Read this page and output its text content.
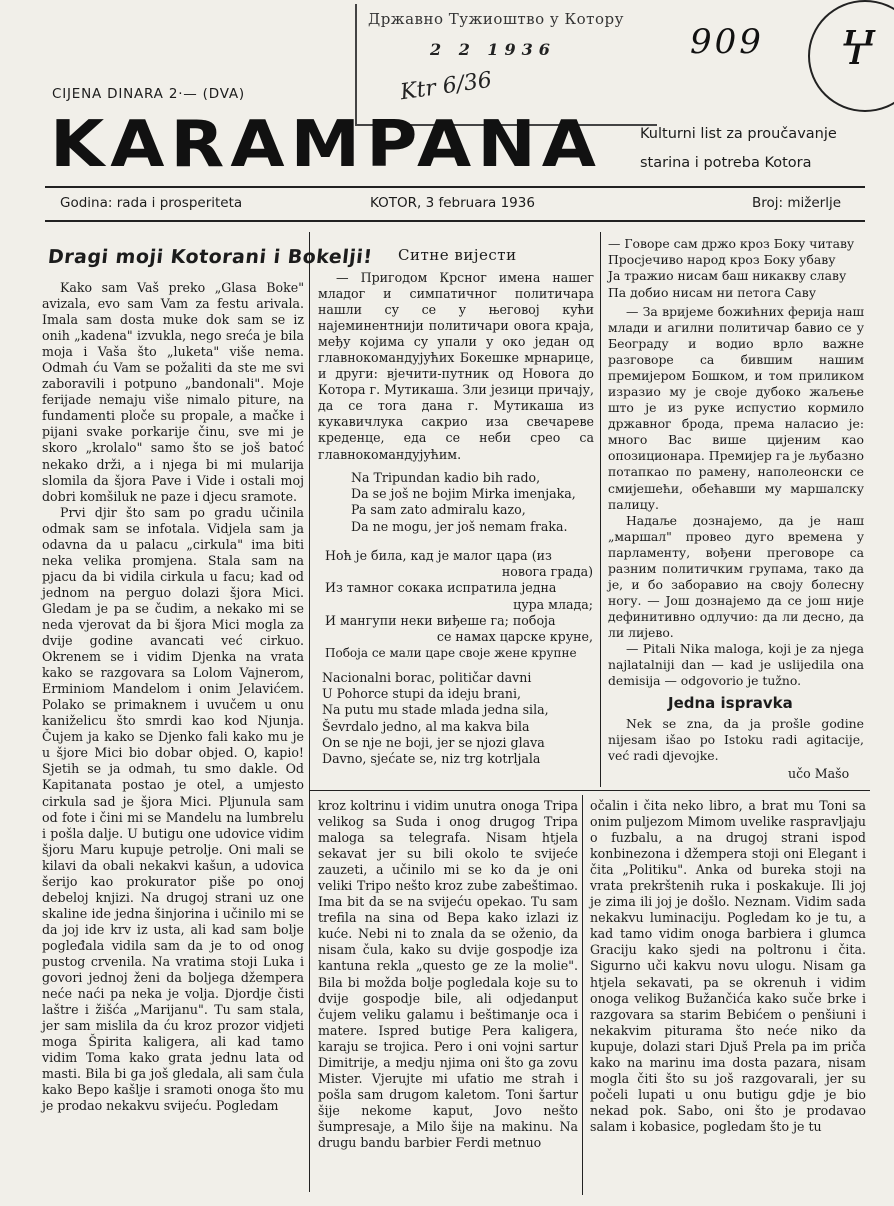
Државно Тужиоштво у Котору
2 2 1936
Ktr 6/36
909 Ⴤ
CIJENA DINARA 2·— (DVA)
KARAMPANA	Kulturni list za proučavanje
starina i potreba Kotora
Godina: rada i prosperiteta	KOTOR, 3 februara 1936	Broj: mižerlje
Dragi moji Kotorani i Bokelji!

Kako sam Vaš preko „Glasa Boke" avizala, evo sam Vam za festu arivala. Imala sam dosta muke dok sam se iz onih „kadena" izvukla, nego sreća je bila moja i Vaša što „luketa" više nema. Odmah ću Vam se požaliti da ste me svi zaboravili i potpuno „bandonali". Moje ferijade nemaju više nimalo piture, na fundamenti ploče su propale, a mačke i pijani svake porkarije činu, sve mi je skoro „krolalo" samo što se još batoć nekako drži, a i njega bi mi mularija slomila da šjora Pave i Vide i ostali moj dobri komšiluk ne paze i djecu sramote.

Prvi djir što sam po gradu učinila odmak sam se infotala. Vidjela sam ja odavna da u palacu „cirkula" ima biti neka velika promjena. Stala sam na pjacu da bi vidila cirkula u facu; kad od jednom na perguo dolazi šjora Mici. Gledam je pa se čudim, a nekako mi se neda vjerovat da bi šjora Mici mogla za dvije godine avancati već cirkuo. Okrenem se i vidim Djenka na vrata kako se razgovara sa Lolom Vajnerom, Erminiom Mandelom i onim Jelavićem. Polako se primaknem i uvučem u onu kaniželicu što smrdi kao kod Njunja. Čujem ja kako se Djenko fali kako mu je u šjore Mici bio dobar objed. O, kapio! Sjetih se ja odmah, tu smo dakle. Od Kapitanata postao je otel, a umjesto cirkula sad je šjora Mici. Pljunula sam od fote i čini mi se Mandelu na lumbrelu i pošla dalje. U butigu one udovice vidim šjoru Maru kupuje petrolje. Oni mali se kilavi da obali nekakvi kašun, a udovica šerijo kao prokurator piše po onoj debeloj knjizi. Na drugoj strani uz one skaline ide jedna šinjorina i učinilo mi se da joj ide krv iz usta, ali kad sam bolje pogleđala vidila sam da je to od onog pustog crvenila. Na vratima stoji Luka i govori jednoj ženi da boljega džempera neće naći pa neka je volja. Djordje čisti laštre i žišća „Marijanu". Tu sam stala, jer sam mislila da ću kroz prozor vidjeti moga Špirita kaligera, ali kad tamo vidim Toma kako grata jednu lata od masti. Bila bi ga još gledala, ali sam čula kako Bepo kašlje i sramoti onoga što mu je prodao nekakvu svijeću. Pogledam

Ситне вијести

— Пригодом Крсног имена нашег младог и симпатичног политичара нашли су се у његовој кући најеминентнији политичари овога краја, међу којима су упали у око један од главнокомандујућих Бокешке мрнарице, и други: вјечити-путник од Новога до Котора г. Мутикаша. Зли језици причају, да се тога дана г. Мутикаша из кукавичлука сакрио иза свечареве креденце, еда се неби срео са главнокомандујућим.

Na Tripundan kadio bih rado,
Da se još ne bojim Mirka imenjaka,
Pa sam zato admiralu kazo,
Da ne mogu, jer još nemam fraka.
Ноћ је била, кад је малог цара (из
новога града)
Из тамног сокака испратила једна
цура млада;
И мангупи неки виђеше га; побоја
се намах царске круне,
Побоја се мали царе своје жене крупне
Nacionalni borac, političar davni
U Pohorce stupi da ideju brani,
Na putu mu stade mlada jedna sila,
Ševrdalo jedno, al ma kakva bila
On se nje ne boji, jer se njozi glava
Davno, sjećate se, niz trg kotrljala
— Говоре сам држо кроз Боку читаву
Просјечиво народ кроз Боку убаву
Ја тражио нисам баш никакву славу
Па добио нисам ни петога Саву

— За вријеме божићних ферија наш млади и агилни политичар бавио се у Београду и водио врло важне разговоре са бившим нашим премијером Бошком, и том приликом изразио му је своје дубоко жаљење што је из руке испустио кормило државног брода, према наласио је: много Вас више цијеним као опозиционара. Премијер га је љубазно потапкао по рамену, наполеонски се смијешећи, обећавши му маршалску палицу.

Надаље дознајемо, да је наш „маршал" провео дуго времена у парламенту, вођени преговоре са разним политичким групама, тако да је, и бо заборавио на своју болесну ногу. — Још дознајемо да се још није дефинитивно одлучио: да ли десно, да ли лијево.

— Pitali Nika maloga, koji je za njega najlatalniji dan — kad je uslijedila ona demisija — odgovorio je tužno.

Jedna ispravka

Nek se zna, da ja prošle godine nijesam išao po Istoku radi agitacije, već radi djevojke.

učo Mašo

kroz koltrinu i vidim unutra onoga Tripa velikog sa Suda i onog drugog Tripa maloga sa telegrafa. Nisam htjela sekavat jer su bili okolo te svijeće zauzeti, a učinilo mi se ko da je oni veliki Tripo nešto kroz zube zabeštimao. Ima bit da se na svijeću opekao. Tu sam trefila na sina od Bepa kako izlazi iz kuće. Nebi ni to znala da se oženio, da nisam čula, kako su dvije gospodje iza kantuna rekla „questo ge ze la molie". Bila bi možda bolje pogledala koje su to dvije gospodje bile, ali odjedanput čujem veliku galamu i beštimanje oca i matere. Ispred butige Pera kaligera, karaju se trojica. Pero i oni vojni sartur Dimitrije, a medju njima oni što ga zovu Mister. Vjerujte mi ufatio me strah i pošla sam drugom kaletom. Toni šartur šije nekome kaput, Jovo nešto šumpresaje, a Milo šije na makinu. Na drugu bandu barbier Ferdi metnuo

očalin i čita neko libro, a brat mu Toni sa onim puljezom Mimom uvelike raspravljaju o fuzbalu, a na drugoj strani ispod konbinezona i džempera stoji oni Elegant i čita „Politiku". Anka od bureka stoji na vrata prekrštenih ruka i poskakuje. Ili joj je zima ili joj je došlo. Neznam. Vidim sada nekakvu luminaciju. Pogledam ko je tu, a kad tamo vidim onoga barbiera i glumca Graciju kako sjedi na poltronu i čita. Sigurno uči kakvu novu ulogu. Nisam ga htjela sekavati, pa se okrenuh i vidim onoga velikog Bužančića kako suče brke i razgovara sa starim Bebićem o penšiuni i nekakvim piturama što neće niko da kupuje, dolazi stari Djuš Prela pa im priča kako na marinu ima dosta pazara, nisam mogla čiti što su još razgovarali, jer su počeli lupati u onu butigu gdje je bio nekad pok. Sabo, oni što je prodavao salam i kobasice, pogledam što je tu
